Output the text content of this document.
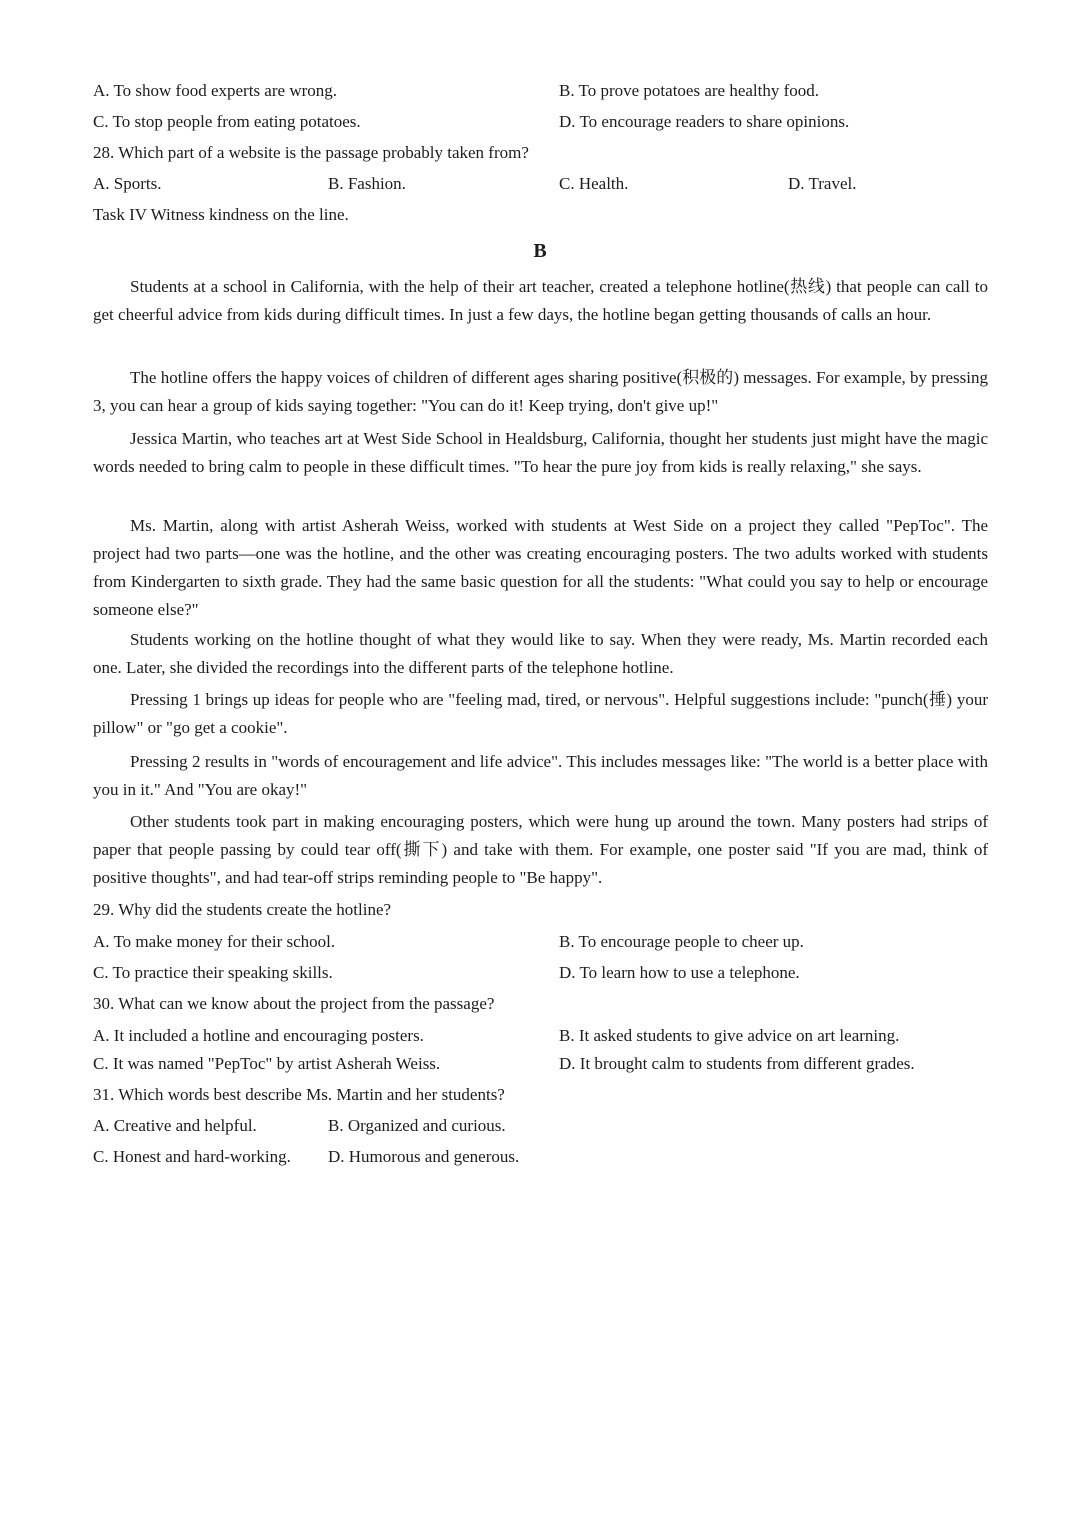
A. To show food experts are wrong.	B. To prove potatoes are healthy food.
C. To stop people from eating potatoes.	D. To encourage readers to share opinions.
28. Which part of a website is the passage probably taken from?
A. Sports.	B. Fashion.	C. Health.	D. Travel.
Task IV Witness kindness on the line.
B

Students at a school in California, with the help of their art teacher, created a telephone hotline(热线) that people can call to get cheerful advice from kids during difficult times. In just a few days, the hotline began getting thousands of calls an hour.

The hotline offers the happy voices of children of different ages sharing positive(积极的) messages. For example, by pressing 3, you can hear a group of kids saying together: "You can do it! Keep trying, don't give up!"

Jessica Martin, who teaches art at West Side School in Healdsburg, California, thought her students just might have the magic words needed to bring calm to people in these difficult times. "To hear the pure joy from kids is really relaxing," she says.

Ms. Martin, along with artist Asherah Weiss, worked with students at West Side on a project they called "PepToc". The project had two parts—one was the hotline, and the other was creating encouraging posters. The two adults worked with students from Kindergarten to sixth grade. They had the same basic question for all the students: "What could you say to help or encourage someone else?"

Students working on the hotline thought of what they would like to say. When they were ready, Ms. Martin recorded each one. Later, she divided the recordings into the different parts of the telephone hotline.

Pressing 1 brings up ideas for people who are "feeling mad, tired, or nervous". Helpful suggestions include: "punch(捶) your pillow" or "go get a cookie".

Pressing 2 results in "words of encouragement and life advice". This includes messages like: "The world is a better place with you in it." And "You are okay!"

Other students took part in making encouraging posters, which were hung up around the town. Many posters had strips of paper that people passing by could tear off(撕下) and take with them. For example, one poster said "If you are mad, think of positive thoughts", and had tear-off strips reminding people to "Be happy".

29. Why did the students create the hotline?
A. To make money for their school.	B. To encourage people to cheer up.
C. To practice their speaking skills.	D. To learn how to use a telephone.
30. What can we know about the project from the passage?
A. It included a hotline and encouraging posters.	B. It asked students to give advice on art learning.
C. It was named "PepToc" by artist Asherah Weiss.	D. It brought calm to students from different grades.
31. Which words best describe Ms. Martin and her students?
A. Creative and helpful.	B. Organized and curious.
C. Honest and hard-working. D. Humorous and generous.
